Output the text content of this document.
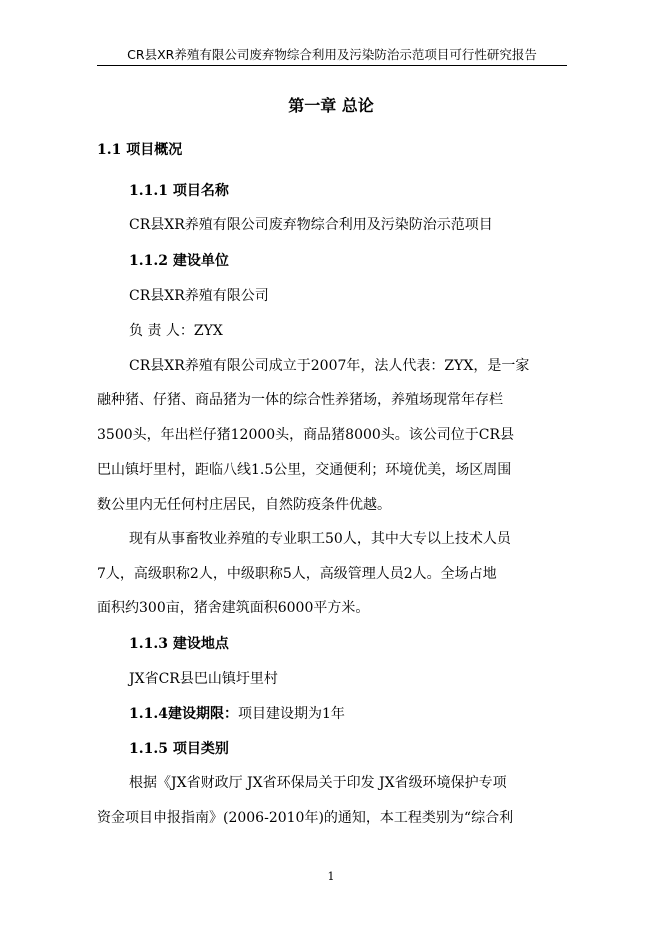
CR县XR养殖有限公司废弃物综合利用及污染防治示范项目可行性研究报告
第一章 总论
1.1 项目概况
1.1.1 项目名称
CR县XR养殖有限公司废弃物综合利用及污染防治示范项目
1.1.2 建设单位
CR县XR养殖有限公司
负 责 人：ZYX
CR县XR养殖有限公司成立于2007年，法人代表：ZYX，是一家
融种猪、仔猪、商品猪为一体的综合性养猪场，养殖场现常年存栏
3500头，年出栏仔猪12000头，商品猪8000头。该公司位于CR县
巴山镇圩里村，距临八线1.5公里，交通便利；环境优美，场区周围
数公里内无任何村庄居民，自然防疫条件优越。
现有从事畜牧业养殖的专业职工50人，其中大专以上技术人员
7人，高级职称2人，中级职称5人，高级管理人员2人。全场占地
面积约300亩，猪舍建筑面积6000平方米。
1.1.3 建设地点
JX省CR县巴山镇圩里村
1.1.4建设期限：项目建设期为1年
1.1.5 项目类别
根据《JX省财政厅 JX省环保局关于印发 JX省级环境保护专项
资金项目申报指南》(2006-2010年)的通知，本工程类别为“综合利
1
